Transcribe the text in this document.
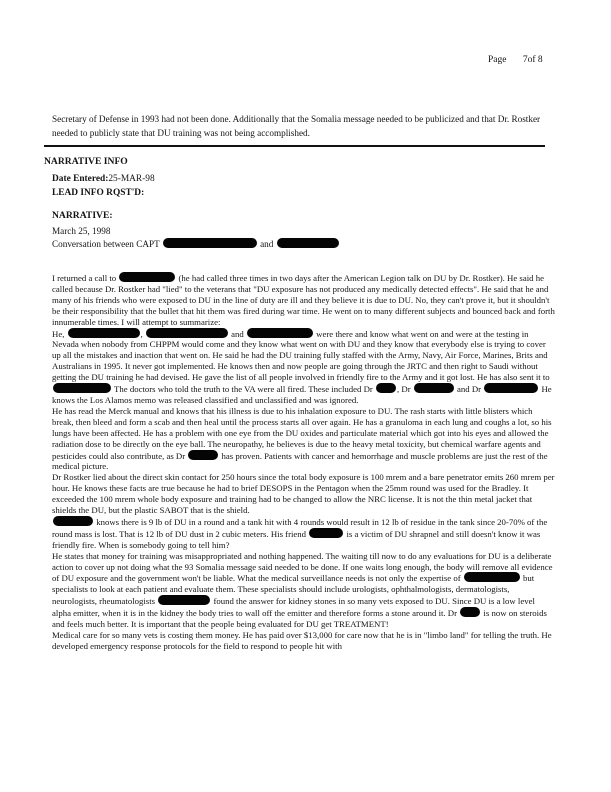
Page 7of 8
Secretary of Defense in 1993 had not been done. Additionally that the Somalia message needed to be publicized and that Dr. Rostker needed to publicly state that DU training was not being accomplished.
NARRATIVE INFO
Date Entered:25-MAR-98
LEAD INFO RQST'D:
NARRATIVE:
March 25, 1998
Conversation between CAPT	and

I returned a call to	(he had called three times in two days after the American Legion talk on DU by Dr. Rostker). He said he called because Dr. Rostker had "lied" to the veterans that "DU exposure has not produced any medically detected effects". He said that he and many of his friends who were exposed to DU in the line of duty are ill and they believe it is due to DU. No, they can't prove it, but it shouldn't be their responsibility that the bullet that hit them was fired during war time. He went on to many different subjects and bounced back and forth innumerable times. I will attempt to summarize:

He,	,	and	were there and know what went on and were at the testing in Nevada when nobody from CHPPM would come and they know what went on with DU and they know that everybody else is trying to cover up all the mistakes and inaction that went on. He said he had the DU training fully staffed with the Army, Navy, Air Force, Marines, Brits and Australians in 1995. It never got implemented. He knows then and now people are going through the JRTC and then right to Saudi without getting the DU training he had devised. He gave the list of all people involved in friendly fire to the Army and it got lost. He has also sent it to  The doctors who told the truth to the VA were all fired. These included Dr	, Dr	and Dr	He knows the Los Alamos memo was released classified and unclassified and was ignored.

He has read the Merck manual and knows that his illness is due to his inhalation exposure to DU. The rash starts with little blisters which break, then bleed and form a scab and then heal until the process starts all over again. He has a granuloma in each lung and coughs a lot, so his lungs have been affected. He has a problem with one eye from the DU oxides and particulate material which got into his eyes and allowed the radiation dose to be directly on the eye ball. The neuropathy, he believes is due to the heavy metal toxicity, but chemical warfare agents and pesticides could also contribute, as Dr	has proven. Patients with cancer and hemorrhage and muscle problems are just the rest of the medical picture.

Dr Rostker lied about the direct skin contact for 250 hours since the total body exposure is 100 mrem and a bare penetrator emits 260 mrem per hour. He knows these facts are true because he had to brief DESOPS in the Pentagon when the 25mm round was used for the Bradley. It exceeded the 100 mrem whole body exposure and training had to be changed to allow the NRC license. It is not the thin metal jacket that shields the DU, but the plastic SABOT that is the shield.

knows there is 9 lb of DU in a round and a tank hit with 4 rounds would result in 12 lb of residue in the tank since 20-70% of the round mass is lost. That is 12 lb of DU dust in 2 cubic meters. His friend	is a victim of DU shrapnel and still doesn't know it was friendly fire. When is somebody going to tell him?

He states that money for training was misappropriated and nothing happened. The waiting till now to do any evaluations for DU is a deliberate action to cover up not doing what the 93 Somalia message said needed to be done. If one waits long enough, the body will remove all evidence of DU exposure and the government won't be liable. What the medical surveillance needs is not only the expertise of	but specialists to look at each patient and evaluate them. These specialists should include urologists, ophthalmologists, dermatologists, neurologists, rheumatologists	found the answer for kidney stones in so many vets exposed to DU. Since DU is a low level alpha emitter, when it is in the kidney the body tries to wall off the emitter and therefore forms a stone around it. Dr	is now on steroids and feels much better. It is important that the people being evaluated for DU get TREATMENT!

Medical care for so many vets is costing them money. He has paid over $13,000 for care now that he is in "limbo land" for telling the truth. He developed emergency response protocols for the field to respond to people hit with
